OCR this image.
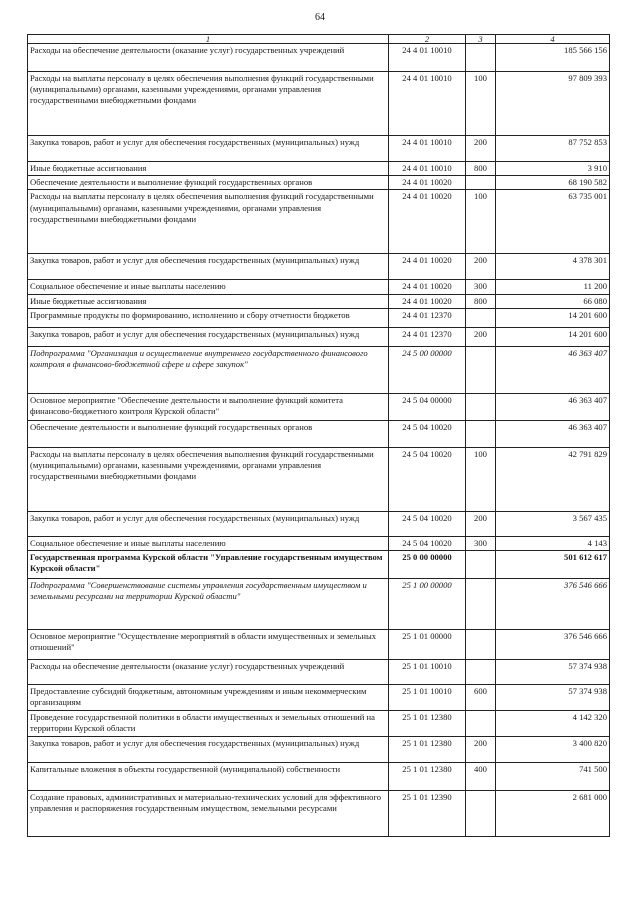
64
1	2	3	4
Расходы на обеспечение деятельности (оказание услуг) государственных учреждений	24 4 01 10010		185 566 156
Расходы на выплаты персоналу в целях обеспечения выполнения функций государственными (муниципальными) органами, казенными учреждениями, органами управления государственными внебюджетными фондами	24 4 01 10010	100	97 809 393
Закупка товаров, работ и услуг для обеспечения государственных (муниципальных) нужд	24 4 01 10010	200	87 752 853
Иные бюджетные ассигнования	24 4 01 10010	800	3 910
Обеспечение деятельности и выполнение функций государственных органов	24 4 01 10020		68 190 582
Расходы на выплаты персоналу в целях обеспечения выполнения функций государственными (муниципальными) органами, казенными учреждениями, органами управления государственными внебюджетными фондами	24 4 01 10020	100	63 735 001
Закупка товаров, работ и услуг для обеспечения государственных (муниципальных) нужд	24 4 01 10020	200	4 378 301
Социальное обеспечение и иные выплаты населению	24 4 01 10020	300	11 200
Иные бюджетные ассигнования	24 4 01 10020	800	66 080
Программные продукты по формированию, исполнению и сбору отчетности бюджетов	24 4 01 12370		14 201 600
Закупка товаров, работ и услуг для обеспечения государственных (муниципальных) нужд	24 4 01 12370	200	14 201 600
Подпрограмма "Организация и осуществление внутреннего государственного финансового контроля в финансово-бюджетной сфере и сфере закупок"	24 5 00 00000		46 363 407
Основное мероприятие "Обеспечение деятельности и выполнение функций комитета финансово-бюджетного контроля Курской области"	24 5 04 00000		46 363 407
Обеспечение деятельности и выполнение функций государственных органов	24 5 04 10020		46 363 407
Расходы на выплаты персоналу в целях обеспечения выполнения функций государственными (муниципальными) органами, казенными учреждениями, органами управления государственными внебюджетными фондами	24 5 04 10020	100	42 791 829
Закупка товаров, работ и услуг для обеспечения государственных (муниципальных) нужд	24 5 04 10020	200	3 567 435
Социальное обеспечение и иные выплаты населению	24 5 04 10020	300	4 143
Государственная программа Курской области "Управление государственным имуществом Курской области"	25 0 00 00000		501 612 617
Подпрограмма "Совершенствование системы управления государственным имуществом и земельными ресурсами на территории Курской области"	25 1 00 00000		376 546 666
Основное мероприятие "Осуществление мероприятий в области имущественных и земельных отношений"	25 1 01 00000		376 546 666
Расходы на обеспечение деятельности (оказание услуг) государственных учреждений	25 1 01 10010		57 374 938
Предоставление субсидий бюджетным, автономным учреждениям и иным некоммерческим организациям	25 1 01 10010	600	57 374 938
Проведение государственной политики в области имущественных и земельных отношений на территории Курской области	25 1 01 12380		4 142 320
Закупка товаров, работ и услуг для обеспечения государственных (муниципальных) нужд	25 1 01 12380	200	3 400 820
Капитальные вложения в объекты государственной (муниципальной) собственности	25 1 01 12380	400	741 500
Создание правовых, административных и материально-технических условий для эффективного управления и распоряжения государственным имуществом, земельными ресурсами	25 1 01 12390		2 681 000
